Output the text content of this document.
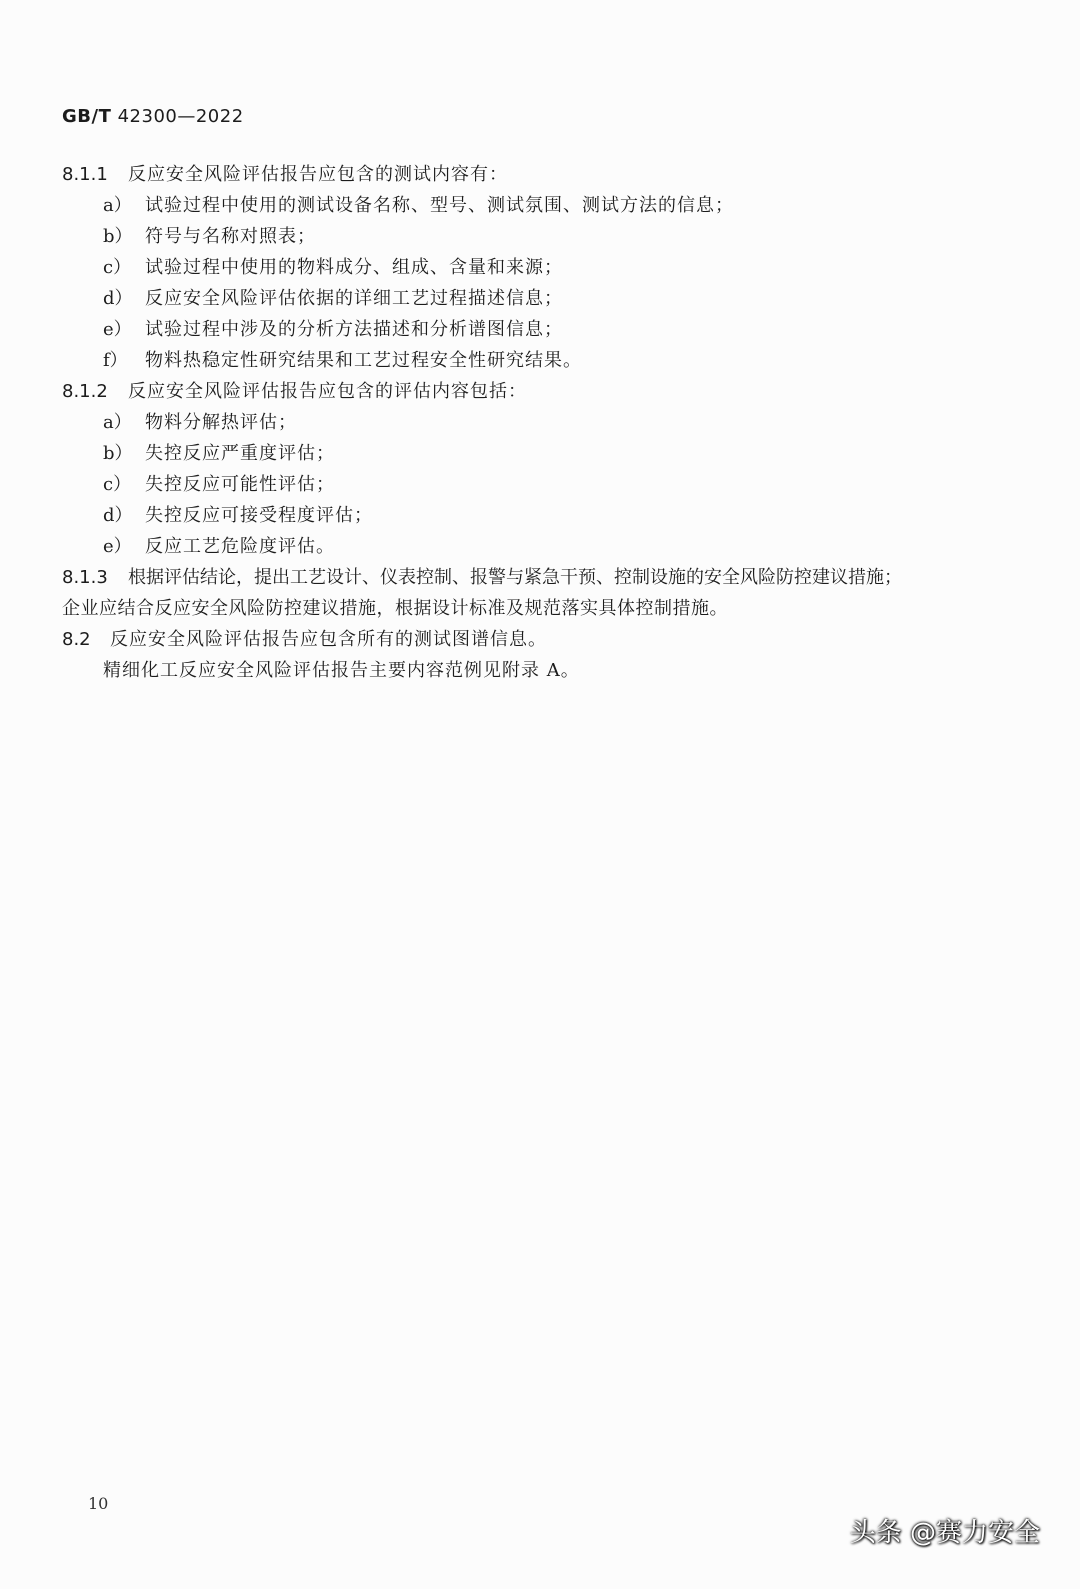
GB/T 42300—2022
8.1.1 反应安全风险评估报告应包含的测试内容有：
a） 试验过程中使用的测试设备名称、型号、测试氛围、测试方法的信息；
b） 符号与名称对照表；
c） 试验过程中使用的物料成分、组成、含量和来源；
d） 反应安全风险评估依据的详细工艺过程描述信息；
e） 试验过程中涉及的分析方法描述和分析谱图信息；
f） 物料热稳定性研究结果和工艺过程安全性研究结果。
8.1.2 反应安全风险评估报告应包含的评估内容包括：
a） 物料分解热评估；
b） 失控反应严重度评估；
c） 失控反应可能性评估；
d） 失控反应可接受程度评估；
e） 反应工艺危险度评估。
8.1.3 根据评估结论，提出工艺设计、仪表控制、报警与紧急干预、控制设施的安全风险防控建议措施；
企业应结合反应安全风险防控建议措施，根据设计标准及规范落实具体控制措施。
8.2 反应安全风险评估报告应包含所有的测试图谱信息。
精细化工反应安全风险评估报告主要内容范例见附录 A。
10
头条 @赛力安全
